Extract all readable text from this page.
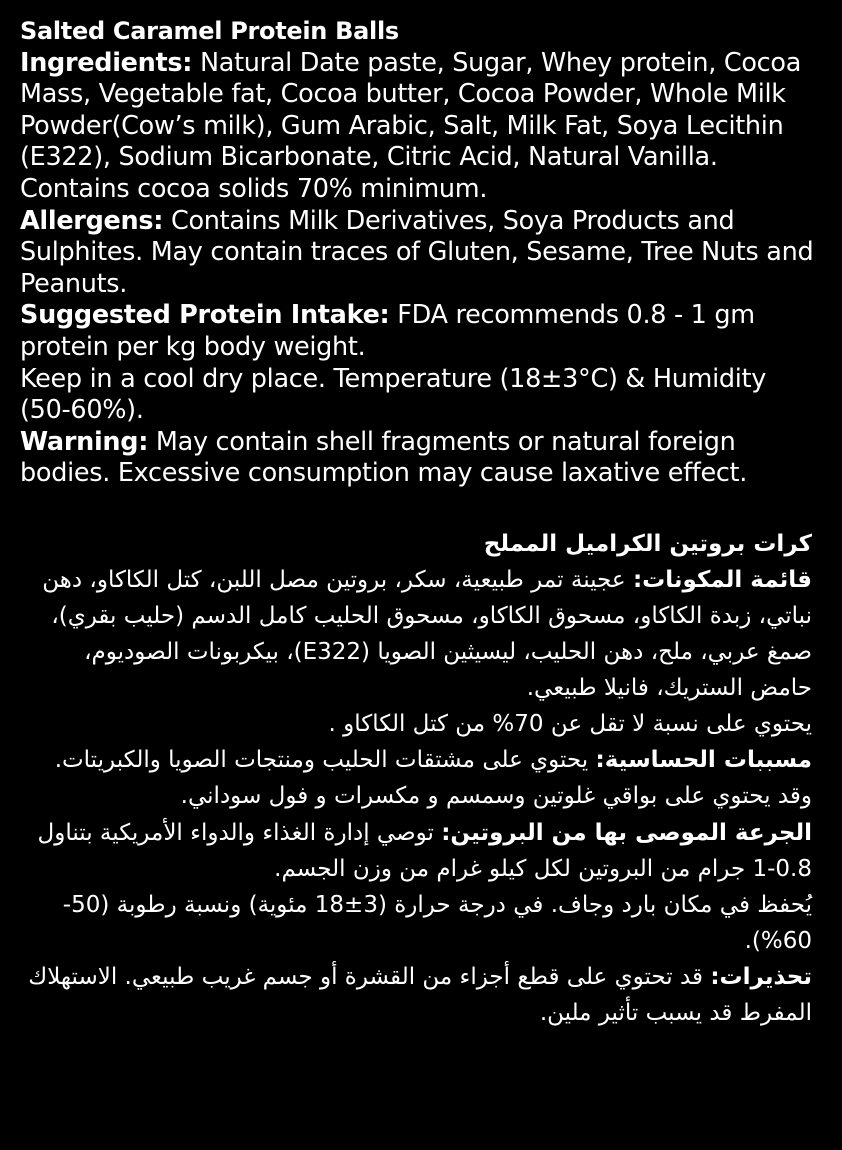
Salted Caramel Protein Balls

Ingredients: Natural Date paste, Sugar, Whey protein, Cocoa Mass, Vegetable fat, Cocoa butter, Cocoa Powder, Whole Milk Powder(Cow’s milk), Gum Arabic, Salt, Milk Fat, Soya Lecithin (E322), Sodium Bicarbonate, Citric Acid, Natural Vanilla. Contains cocoa solids 70% minimum.

Allergens: Contains Milk Derivatives, Soya Products and Sulphites. May contain traces of Gluten, Sesame, Tree Nuts and Peanuts.

Suggested Protein Intake: FDA recommends 0.8 - 1 gm protein per kg body weight.

Keep in a cool dry place. Temperature (18±3°C) & Humidity (50-60%).

Warning: May contain shell fragments or natural foreign bodies. Excessive consumption may cause laxative effect.

كرات بروتين الكراميل المملح

قائمة المكونات: عجينة تمر طبيعية، سكر، بروتين مصل اللبن، كتل الكاكاو، دهن نباتي، زبدة الكاكاو، مسحوق الكاكاو، مسحوق الحليب كامل الدسم (حليب بقري)، صمغ عربي، ملح، دهن الحليب، ليسيثين الصويا (E322)، بيكربونات الصوديوم، حامض الستريك، فانيلا طبيعي.

يحتوي على نسبة لا تقل عن 70% من كتل الكاكاو .

مسببات الحساسية: يحتوي على مشتقات الحليب ومنتجات الصويا والكبريتات. وقد يحتوي على بواقي غلوتين وسمسم و مكسرات و فول سوداني.

الجرعة الموصى بها من البروتين: توصي إدارة الغذاء والدواء الأمريكية بتناول 0.8-1 جرام من البروتين لكل كيلو غرام من وزن الجسم.

يُحفظ في مكان بارد وجاف. في درجة حرارة (3±18 مئوية) ونسبة رطوبة (50-60%).

تحذيرات: قد تحتوي على قطع أجزاء من القشرة أو جسم غريب طبيعي. الاستهلاك المفرط قد يسبب تأثير ملين.
